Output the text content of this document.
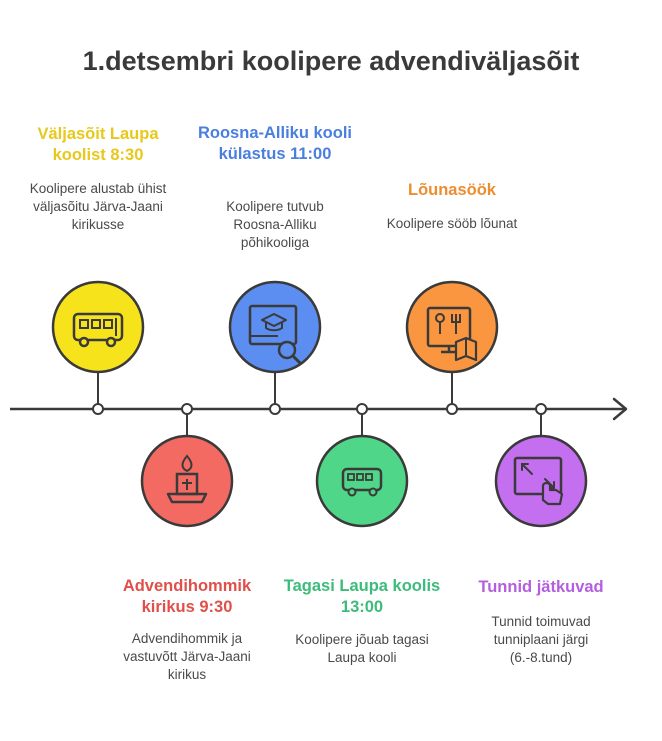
1.detsembri koolipere advendiväljasõit
Väljasõit Laupa koolist 8:30
Koolipere alustab ühist väljasõitu Järva-Jaani kirikusse
Advendihommik kirikus 9:30
Advendihommik ja vastuvõtt Järva-Jaani kirikus
Roosna-Alliku kooli külastus 11:00
Koolipere tutvub Roosna-Alliku põhikooliga
Tagasi Laupa koolis 13:00
Koolipere jõuab tagasi Laupa kooli
Lõunasöök
Koolipere sööb lõunat
Tunnid jätkuvad
Tunnid toimuvad tunniplaani järgi (6.-8.tund)
